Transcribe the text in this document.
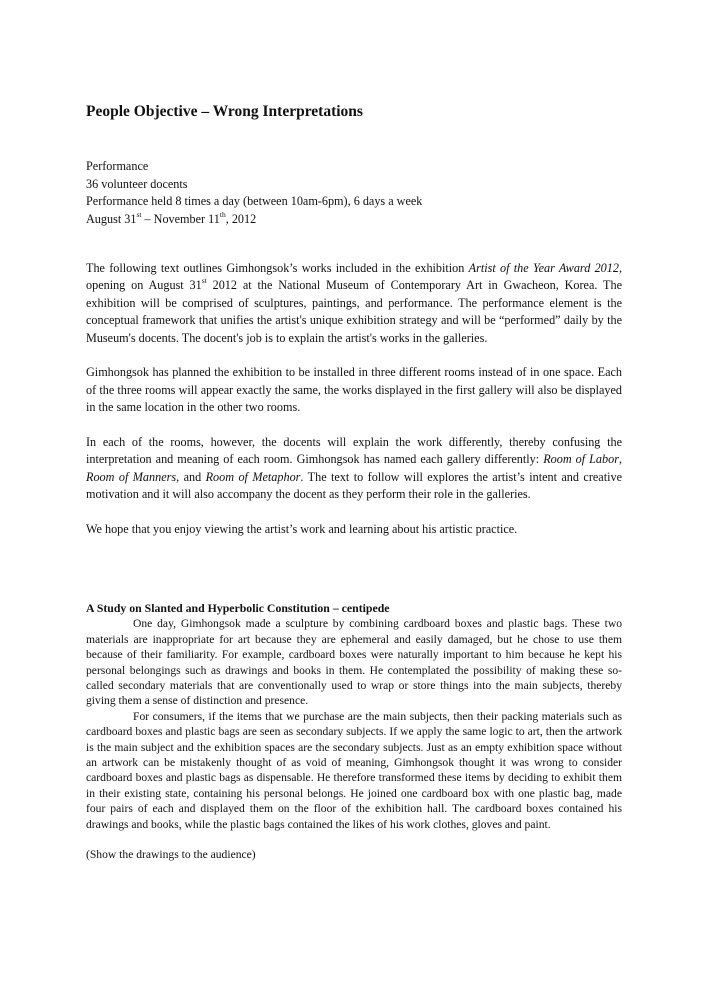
People Objective – Wrong Interpretations
Performance
36 volunteer docents
Performance held 8 times a day (between 10am-6pm), 6 days a week
August 31st – November 11th, 2012

The following text outlines Gimhongsok’s works included in the exhibition Artist of the Year Award 2012, opening on August 31st 2012 at the National Museum of Contemporary Art in Gwacheon, Korea. The exhibition will be comprised of sculptures, paintings, and performance. The performance element is the conceptual framework that unifies the artist's unique exhibition strategy and will be “performed” daily by the Museum's docents. The docent's job is to explain the artist's works in the galleries.

Gimhongsok has planned the exhibition to be installed in three different rooms instead of in one space. Each of the three rooms will appear exactly the same, the works displayed in the first gallery will also be displayed in the same location in the other two rooms.

In each of the rooms, however, the docents will explain the work differently, thereby confusing the interpretation and meaning of each room. Gimhongsok has named each gallery differently: Room of Labor, Room of Manners, and Room of Metaphor. The text to follow will explores the artist’s intent and creative motivation and it will also accompany the docent as they perform their role in the galleries.

We hope that you enjoy viewing the artist’s work and learning about his artistic practice.

A Study on Slanted and Hyperbolic Constitution – centipede

One day, Gimhongsok made a sculpture by combining cardboard boxes and plastic bags. These two materials are inappropriate for art because they are ephemeral and easily damaged, but he chose to use them because of their familiarity. For example, cardboard boxes were naturally important to him because he kept his personal belongings such as drawings and books in them. He contemplated the possibility of making these so-called secondary materials that are conventionally used to wrap or store things into the main subjects, thereby giving them a sense of distinction and presence.

For consumers, if the items that we purchase are the main subjects, then their packing materials such as cardboard boxes and plastic bags are seen as secondary subjects. If we apply the same logic to art, then the artwork is the main subject and the exhibition spaces are the secondary subjects. Just as an empty exhibition space without an artwork can be mistakenly thought of as void of meaning, Gimhongsok thought it was wrong to consider cardboard boxes and plastic bags as dispensable. He therefore transformed these items by deciding to exhibit them in their existing state, containing his personal belongs. He joined one cardboard box with one plastic bag, made four pairs of each and displayed them on the floor of the exhibition hall. The cardboard boxes contained his drawings and books, while the plastic bags contained the likes of his work clothes, gloves and paint.

(Show the drawings to the audience)
